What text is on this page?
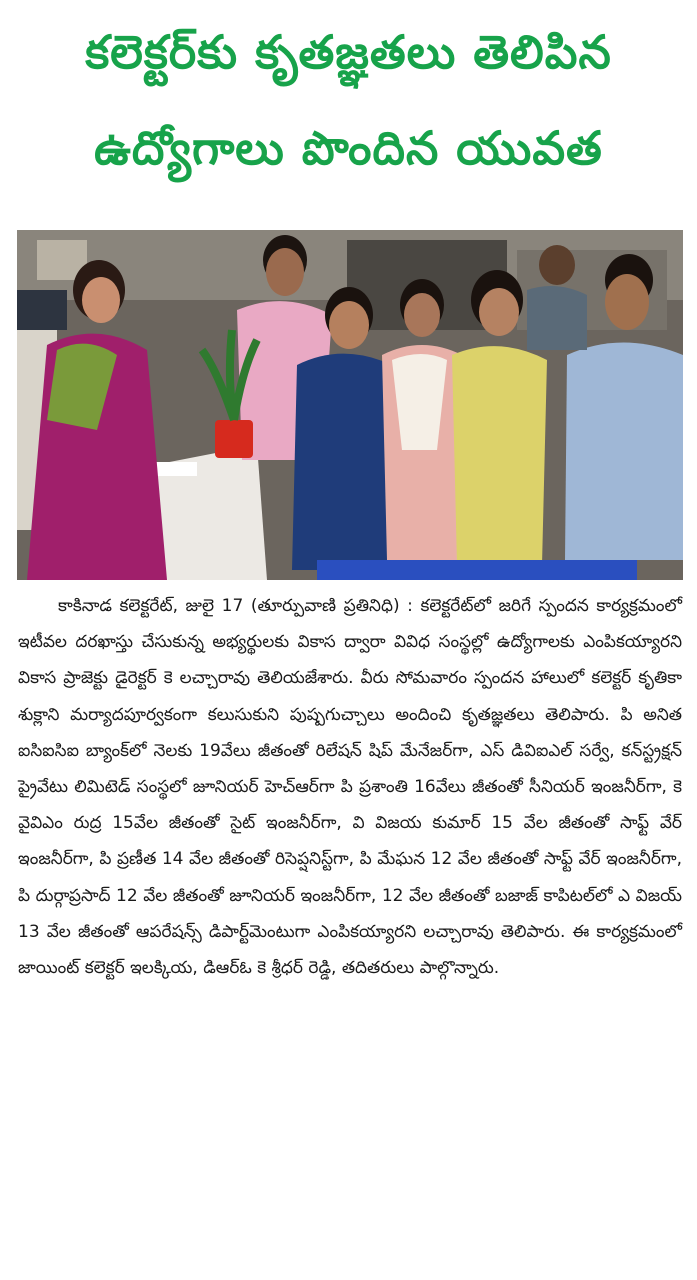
కలెక్టర్‌కు కృతజ్ఞతలు తెలిపిన
ఉద్యోగాలు పొందిన యువత
కాకినాడ కలెక్టరేట్, జులై 17 (తూర్పువాణి ప్రతినిధి) : కలెక్టరేట్‌లో జరిగే స్పందన కార్యక్రమంలో ఇటీవల దరఖాస్తు చేసుకున్న అభ్యర్థులకు వికాస ద్వారా వివిధ సంస్థల్లో ఉద్యోగాలకు ఎంపికయ్యారని వికాస ప్రాజెక్టు డైరెక్టర్ కె లచ్చారావు తెలియజేశారు. వీరు సోమవారం స్పందన హాలులో కలెక్టర్ కృతికా శుక్లాని మర్యాదపూర్వకంగా కలుసుకుని పుష్పగుచ్చాలు అందించి కృతజ్ఞతలు తెలిపారు. పి అనిత ఐసిఐసిఐ బ్యాంక్‌లో నెలకు 19వేలు జీతంతో రిలేషన్ షిప్ మేనేజర్‌గా, ఎస్ డివిఐఎల్ సర్వే, కన్‌స్ట్రక్షన్ ప్రైవేటు లిమిటెడ్ సంస్థలో జూనియర్ హెచ్ఆర్‌గా పి ప్రశాంతి 16వేలు జీతంతో సీనియర్ ఇంజనీర్‌గా, కె వైవిఎం రుద్ర 15వేల జీతంతో సైట్ ఇంజనీర్‌గా, వి విజయ కుమార్ 15 వేల జీతంతో సాఫ్ట్ వేర్ ఇంజనీర్‌గా, పి ప్రణీత 14 వేల జీతంతో రిసెప్షనిస్ట్‌గా, పి మేఘన 12 వేల జీతంతో సాఫ్ట్ వేర్ ఇంజనీర్‌గా, పి దుర్గాప్రసాద్ 12 వేల జీతంతో జూనియర్ ఇంజనీర్‌గా, 12 వేల జీతంతో బజాజ్ కాపిటల్‌లో ఎ విజయ్ 13 వేల జీతంతో ఆపరేషన్స్ డిపార్ట్‌మెంటుగా ఎంపికయ్యారని లచ్చారావు తెలిపారు. ఈ కార్యక్రమంలో జాయింట్ కలెక్టర్ ఇలక్కియ, డిఆర్‌ఓ కె శ్రీధర్ రెడ్డి, తదితరులు పాల్గొన్నారు.
